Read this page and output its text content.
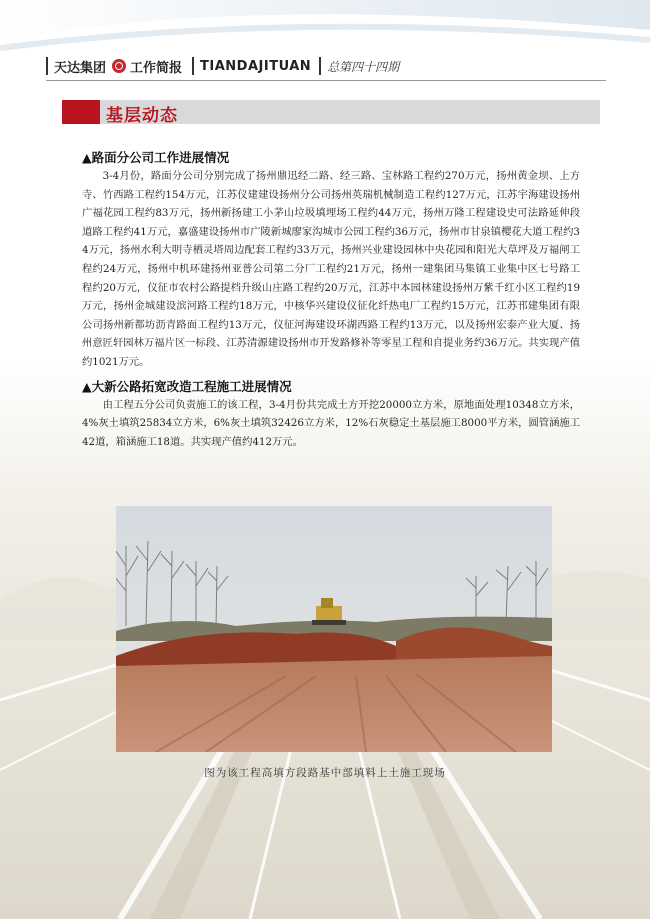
天达集团 工作简报 TIANDAJITUAN 总第四十四期
基层动态

▲路面分公司工作进展情况

3-4月份，路面分公司分别完成了扬州鼎迅经二路、经三路、宝林路工程约270万元，扬州黄金坝、上方寺、竹西路工程约154万元，江苏仪建建设扬州分公司扬州英瑞机械制造工程约127万元，江苏宇海建设扬州广福花园工程约83万元，扬州新扬建工小茅山垃圾填埋场工程约44万元，扬州万隆工程建设史可法路延伸段道路工程约41万元，嘉盛建设扬州市广陵新城廖家沟城市公园工程约36万元，扬州市甘泉镇樱花大道工程约34万元，扬州水利大明寺栖灵塔周边配套工程约33万元，扬州兴业建设园林中央花园和阳光大草坪及万福闸工程约24万元，扬州中机环建扬州亚普公司第二分厂工程约21万元，扬州一建集团马集镇工业集中区七号路工程约20万元，仪征市农村公路提档升级山庄路工程约20万元，江苏中本园林建设扬州万紫千红小区工程约19万元，扬州金城建设滨河路工程约18万元，中核华兴建设仪征化纤热电厂工程约15万元，江苏邗建集团有限公司扬州新都坊沥青路面工程约13万元，仪征河海建设环湖西路工程约13万元，以及扬州宏泰产业大厦、扬州意匠轩园林万福片区一标段、江苏清源建设扬州市开发路修补等零星工程和自提业务约36万元。共实现产值约1021万元。

▲大新公路拓宽改造工程施工进展情况

由工程五分公司负责施工的该工程，3-4月份共完成土方开挖20000立方米，原地面处理10348立方米，4%灰土填筑25834立方米，6%灰土填筑32426立方米，12%石灰稳定土基层施工8000平方米，圆管涵施工42道，箱涵施工18道。共实现产值约412万元。

图为该工程高填方段路基中部填料上土施工现场
